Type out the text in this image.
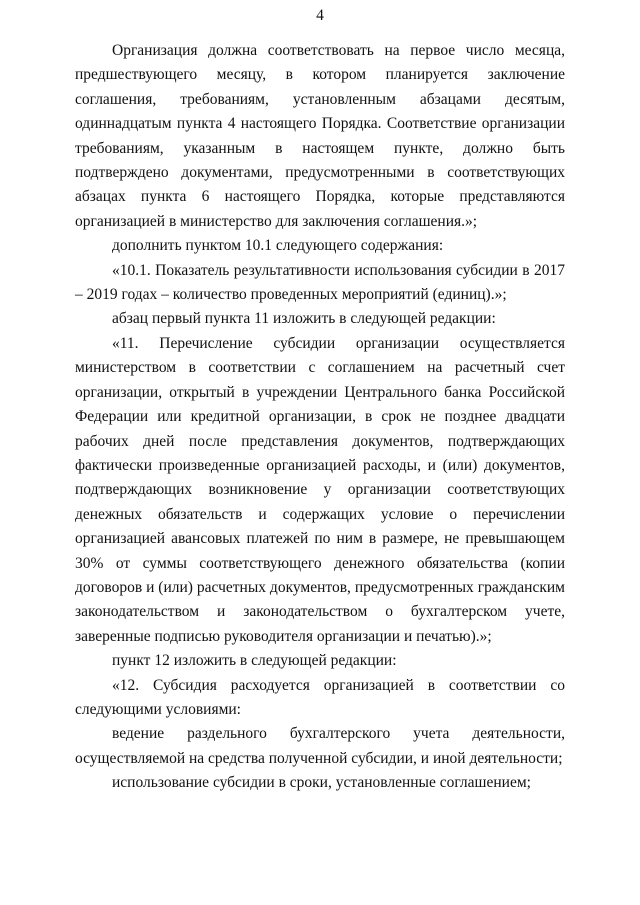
4

Организация должна соответствовать на первое число месяца, предшествующего месяцу, в котором планируется заключение соглашения, требованиям, установленным абзацами десятым, одиннадцатым пункта 4 настоящего Порядка. Соответствие организации требованиям, указанным в настоящем пункте, должно быть подтверждено документами, предусмотренными в соответствующих абзацах пункта 6 настоящего Порядка, которые представляются организацией в министерство для заключения соглашения.»;

дополнить пунктом 10.1 следующего содержания:

«10.1. Показатель результативности использования субсидии в 2017 – 2019 годах – количество проведенных мероприятий (единиц).»;

абзац первый пункта 11 изложить в следующей редакции:

«11. Перечисление субсидии организации осуществляется министерством в соответствии с соглашением на расчетный счет организации, открытый в учреждении Центрального банка Российской Федерации или кредитной организации, в срок не позднее двадцати рабочих дней после представления документов, подтверждающих фактически произведенные организацией расходы, и (или) документов, подтверждающих возникновение у организации соответствующих денежных обязательств и содержащих условие о перечислении организацией авансовых платежей по ним в размере, не превышающем 30% от суммы соответствующего денежного обязательства (копии договоров и (или) расчетных документов, предусмотренных гражданским законодательством и законодательством о бухгалтерском учете, заверенные подписью руководителя организации и печатью).»;

пункт 12 изложить в следующей редакции:

«12. Субсидия расходуется организацией в соответствии со следующими условиями:

ведение раздельного бухгалтерского учета деятельности, осуществляемой на средства полученной субсидии, и иной деятельности;

использование субсидии в сроки, установленные соглашением;
